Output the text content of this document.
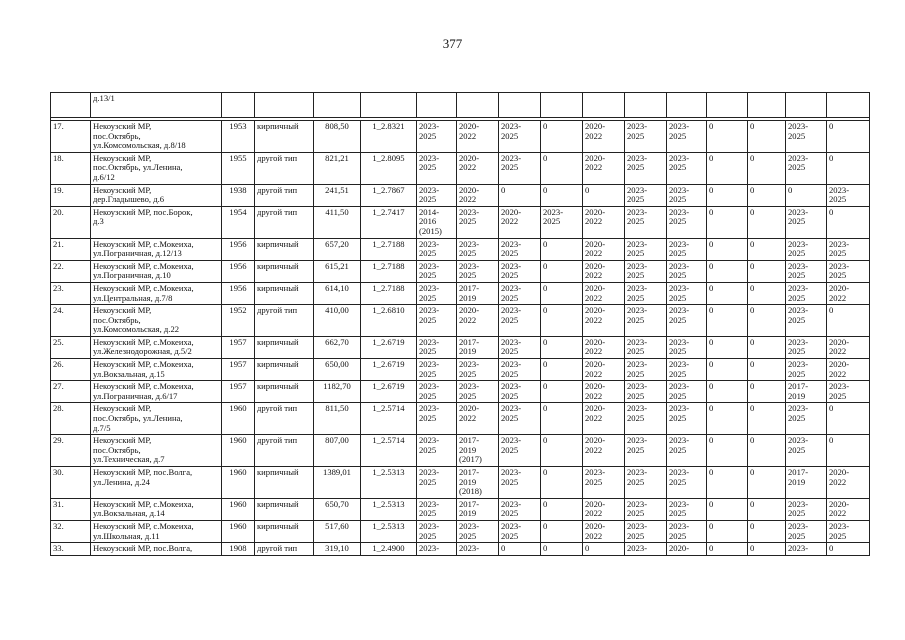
377
	д.13/1															

17.	Некоузский МР,
пос.Октябрь,
ул.Комсомольская, д.8/18	1953	кирпичный	808,50	1_2.8321	2023-
2025	2020-
2022	2023-
2025	0	2020-
2022	2023-
2025	2023-
2025	0	0	2023-
2025	0

18.	Некоузский МР,
пос.Октябрь, ул.Ленина,
д.6/12	1955	другой тип	821,21	1_2.8095	2023-
2025	2020-
2022	2023-
2025	0	2020-
2022	2023-
2025	2023-
2025	0	0	2023-
2025	0

19.	Некоузский МР,
дер.Гладышево, д.6	1938	другой тип	241,51	1_2.7867	2023-
2025	2020-
2022	0	0	0	2023-
2025	2023-
2025	0	0	0	2023-
2025

20.	Некоузский МР, пос.Борок,
д.3	1954	другой тип	411,50	1_2.7417	2014-
2016
(2015)	2023-
2025	2020-
2022	2023-
2025	2020-
2022	2023-
2025	2023-
2025	0	0	2023-
2025	0

21.	Некоузский МР, с.Мокеиха,
ул.Пограничная, д.12/13	1956	кирпичный	657,20	1_2.7188	2023-
2025	2023-
2025	2023-
2025	0	2020-
2022	2023-
2025	2023-
2025	0	0	2023-
2025	2023-
2025

22.	Некоузский МР, с.Мокеиха,
ул.Пограничная, д.10	1956	кирпичный	615,21	1_2.7188	2023-
2025	2023-
2025	2023-
2025	0	2020-
2022	2023-
2025	2023-
2025	0	0	2023-
2025	2023-
2025

23.	Некоузский МР, с.Мокеиха,
ул.Центральная, д.7/8	1956	кирпичный	614,10	1_2.7188	2023-
2025	2017-
2019	2023-
2025	0	2020-
2022	2023-
2025	2023-
2025	0	0	2023-
2025	2020-
2022

24.	Некоузский МР,
пос.Октябрь,
ул.Комсомольская, д.22	1952	другой тип	410,00	1_2.6810	2023-
2025	2020-
2022	2023-
2025	0	2020-
2022	2023-
2025	2023-
2025	0	0	2023-
2025	0

25.	Некоузский МР, с.Мокеиха,
ул.Железнодорожная, д.5/2	1957	кирпичный	662,70	1_2.6719	2023-
2025	2017-
2019	2023-
2025	0	2020-
2022	2023-
2025	2023-
2025	0	0	2023-
2025	2020-
2022

26.	Некоузский МР, с.Мокеиха,
ул.Вокзальная, д.15	1957	кирпичный	650,00	1_2.6719	2023-
2025	2023-
2025	2023-
2025	0	2020-
2022	2023-
2025	2023-
2025	0	0	2023-
2025	2020-
2022

27.	Некоузский МР, с.Мокеиха,
ул.Пограничная, д.6/17	1957	кирпичный	1182,70	1_2.6719	2023-
2025	2023-
2025	2023-
2025	0	2020-
2022	2023-
2025	2023-
2025	0	0	2017-
2019	2023-
2025

28.	Некоузский МР,
пос.Октябрь, ул.Ленина,
д.7/5	1960	другой тип	811,50	1_2.5714	2023-
2025	2020-
2022	2023-
2025	0	2020-
2022	2023-
2025	2023-
2025	0	0	2023-
2025	0

29.	Некоузский МР,
пос.Октябрь,
ул.Техническая, д.7	1960	другой тип	807,00	1_2.5714	2023-
2025	2017-
2019
(2017)	2023-
2025	0	2020-
2022	2023-
2025	2023-
2025	0	0	2023-
2025	0

30.	Некоузский МР, пос.Волга,
ул.Ленина, д.24	1960	кирпичный	1389,01	1_2.5313	2023-
2025	2017-
2019
(2018)	2023-
2025	0	2023-
2025	2023-
2025	2023-
2025	0	0	2017-
2019	2020-
2022

31.	Некоузский МР, с.Мокеиха,
ул.Вокзальная, д.14	1960	кирпичный	650,70	1_2.5313	2023-
2025	2017-
2019	2023-
2025	0	2020-
2022	2023-
2025	2023-
2025	0	0	2023-
2025	2020-
2022

32.	Некоузский МР, с.Мокеиха,
ул.Школьная, д.11	1960	кирпичный	517,60	1_2.5313	2023-
2025	2023-
2025	2023-
2025	0	2020-
2022	2023-
2025	2023-
2025	0	0	2023-
2025	2023-
2025

33.	Некоузский МР, пос.Волга,	1908	другой тип	319,10	1_2.4900	2023-	2023-	0	0	0	2023-	2020-	0	0	2023-	0
